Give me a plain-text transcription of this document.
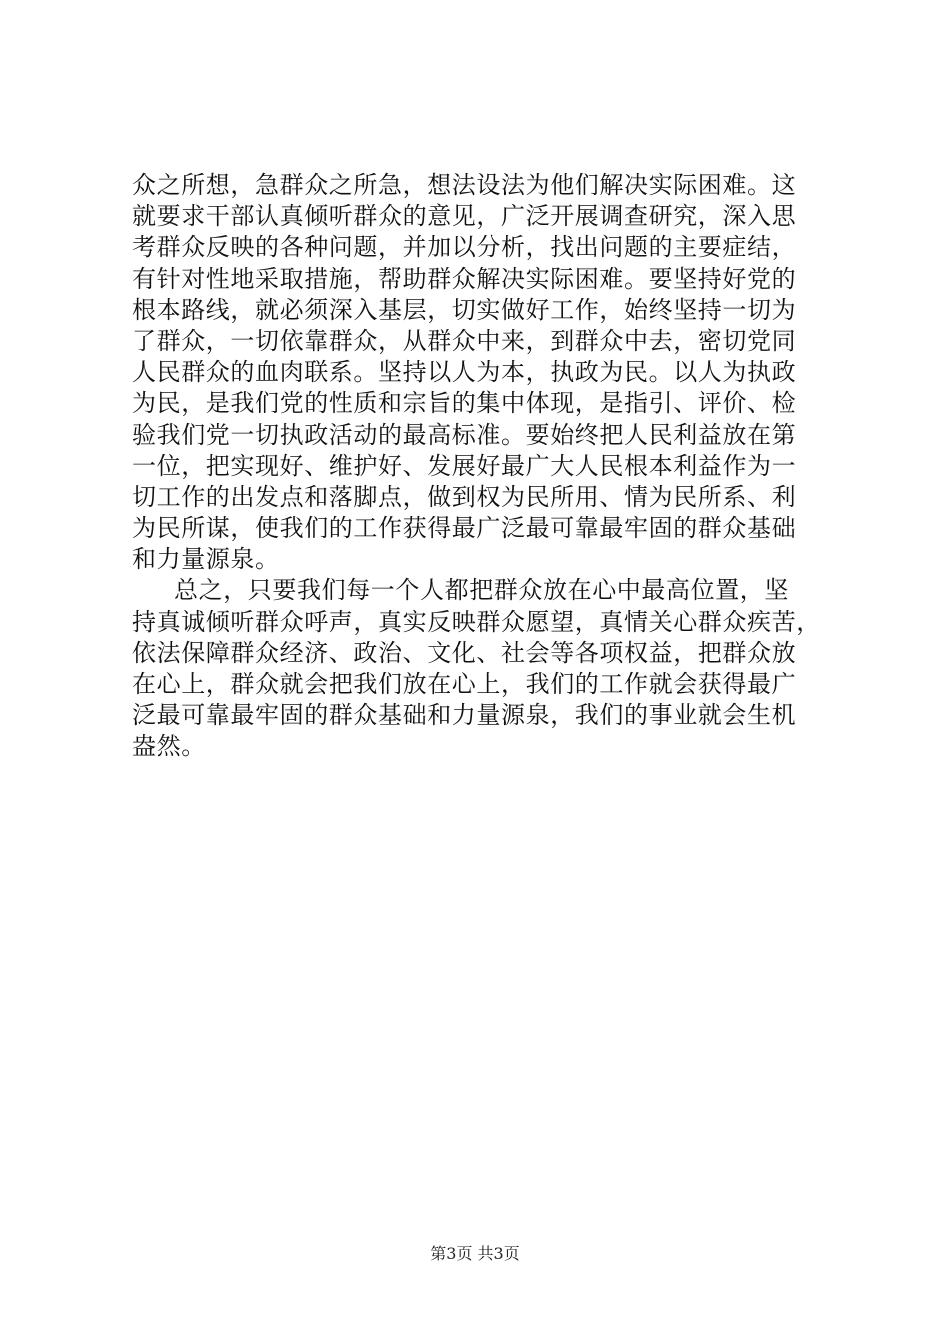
众之所想，急群众之所急，想法设法为他们解决实际困难。这
就要求干部认真倾听群众的意见，广泛开展调查研究，深入思
考群众反映的各种问题，并加以分析，找出问题的主要症结，
有针对性地采取措施，帮助群众解决实际困难。要坚持好党的
根本路线，就必须深入基层，切实做好工作，始终坚持一切为
了群众，一切依靠群众，从群众中来，到群众中去，密切党同
人民群众的血肉联系。坚持以人为本，执政为民。以人为执政
为民，是我们党的性质和宗旨的集中体现，是指引、评价、检
验我们党一切执政活动的最高标准。要始终把人民利益放在第
一位，把实现好、维护好、发展好最广大人民根本利益作为一
切工作的出发点和落脚点，做到权为民所用、情为民所系、利
为民所谋，使我们的工作获得最广泛最可靠最牢固的群众基础
和力量源泉。
总之，只要我们每一个人都把群众放在心中最高位置，坚
持真诚倾听群众呼声，真实反映群众愿望，真情关心群众疾苦，
依法保障群众经济、政治、文化、社会等各项权益，把群众放
在心上，群众就会把我们放在心上，我们的工作就会获得最广
泛最可靠最牢固的群众基础和力量源泉，我们的事业就会生机
盎然。
第3页 共3页
